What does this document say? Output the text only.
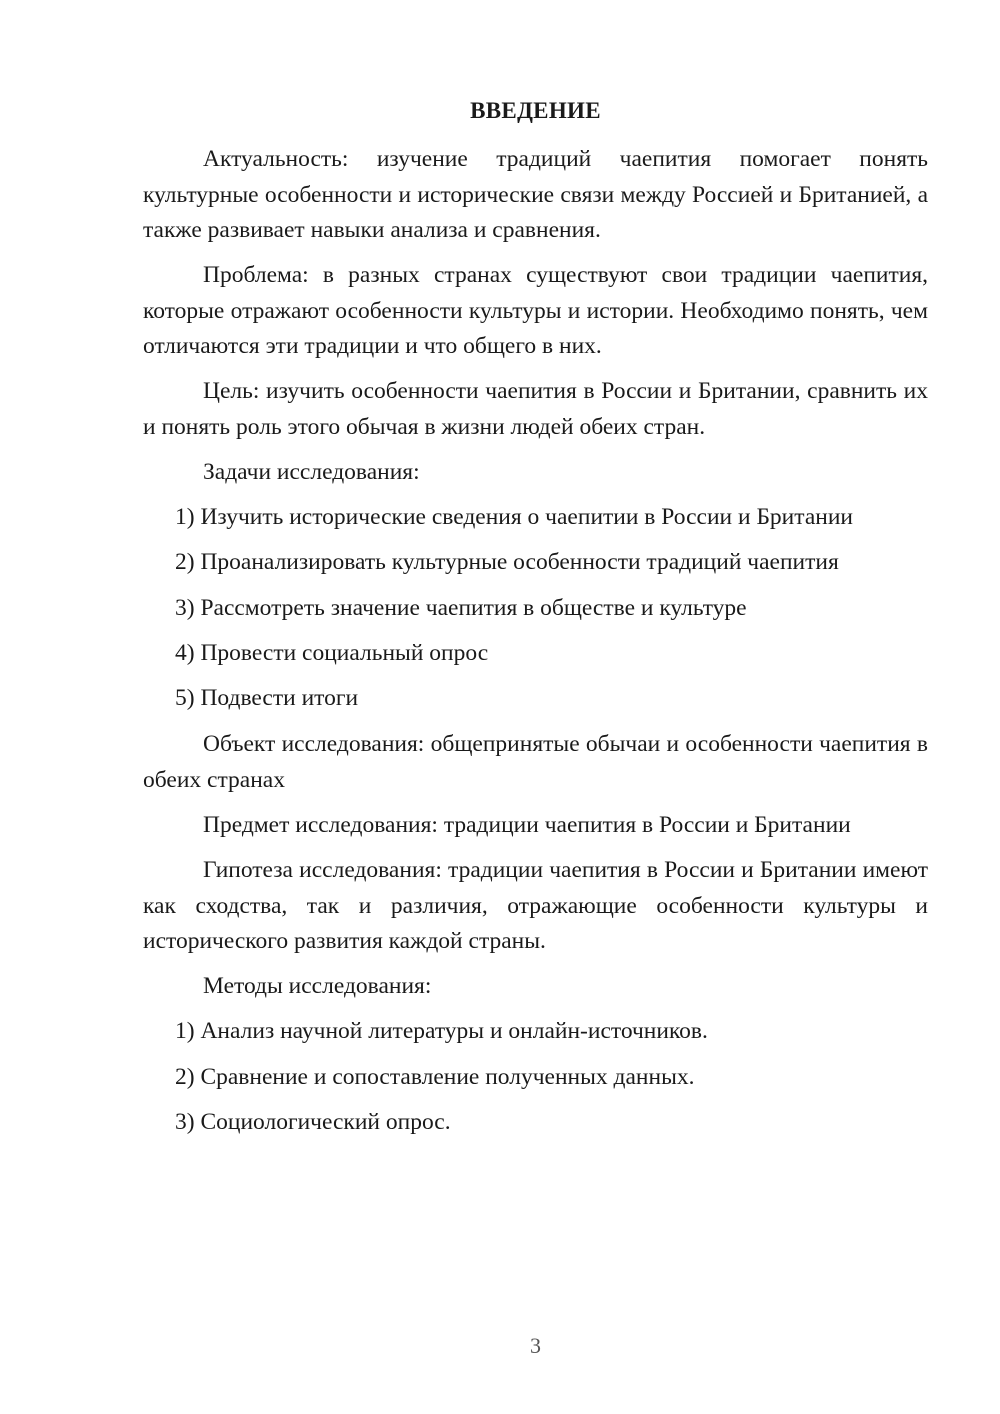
ВВЕДЕНИЕ

Актуальность: изучение традиций чаепития помогает понять культурные особенности и исторические связи между Россией и Британией, а также развивает навыки анализа и сравнения.

Проблема: в разных странах существуют свои традиции чаепития, которые отражают особенности культуры и истории. Необходимо понять, чем отличаются эти традиции и что общего в них.

Цель: изучить особенности чаепития в России и Британии, сравнить их и понять роль этого обычая в жизни людей обеих стран.

Задачи исследования:

1) Изучить исторические сведения о чаепитии в России и Британии

2) Проанализировать культурные особенности традиций чаепития

3) Рассмотреть значение чаепития в обществе и культуре

4) Провести социальный опрос

5) Подвести итоги

Объект исследования: общепринятые обычаи и особенности чаепития в обеих странах

Предмет исследования: традиции чаепития в России и Британии

Гипотеза исследования: традиции чаепития в России и Британии имеют как сходства, так и различия, отражающие особенности культуры и исторического развития каждой страны.

Методы исследования:

1) Анализ научной литературы и онлайн-источников.

2) Сравнение и сопоставление полученных данных.

3) Социологический опрос.

3
